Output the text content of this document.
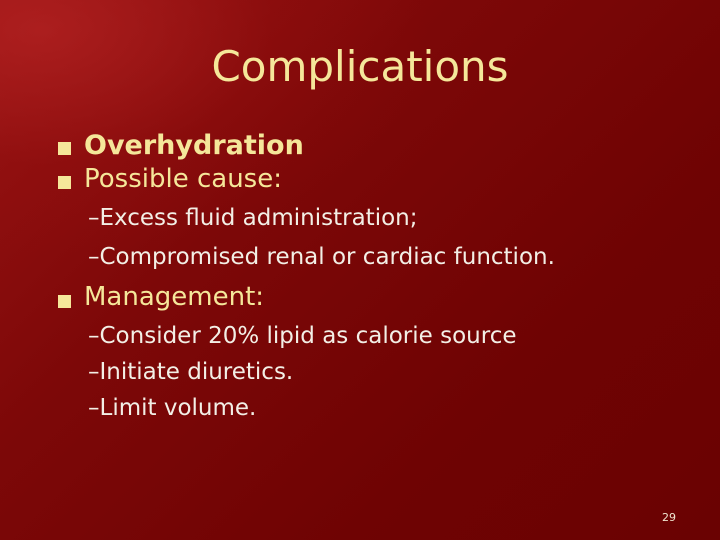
Complications
Overhydration
Possible cause:
–Excess fluid administration;
–Compromised renal or cardiac function.
Management:
–Consider 20% lipid as calorie source
–Initiate diuretics.
–Limit volume.
29
